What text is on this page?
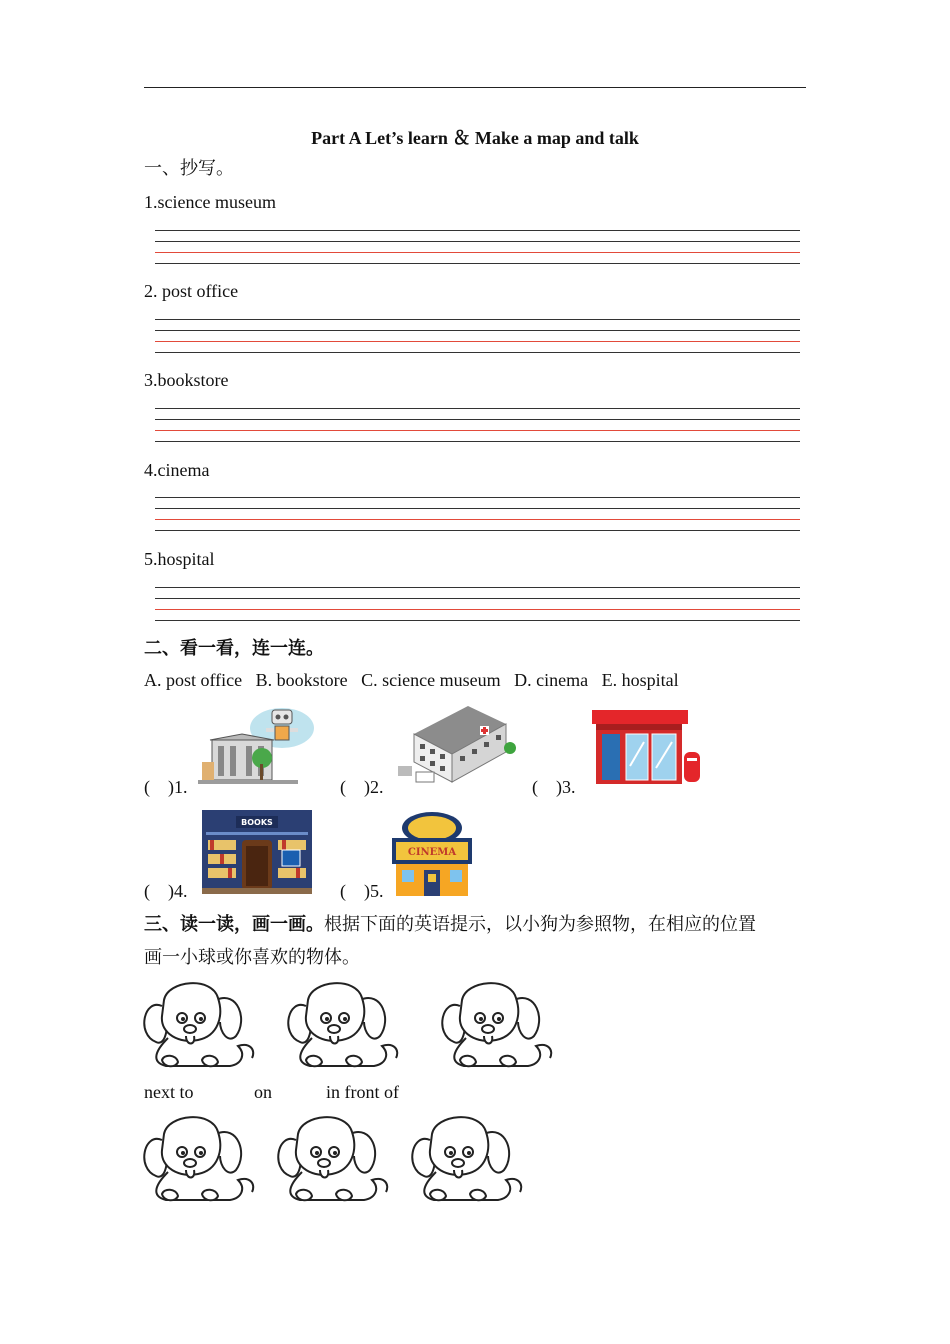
Part A Let’s learn ＆ Make a map and talk
一、抄写。
1.science museum
2. post office
3.bookstore
4.cinema
5.hospital
二、看一看，连一连。
A. post office   B. bookstore   C. science museum   D. cinema   E. hospital
(    )1.	(    )2.	(    )3.
(    )4.	(    )5.
BOOKS
CINEMA
三、读一读，画一画。根据下面的英语提示，以小狗为参照物，在相应的位置
画一小球或你喜欢的物体。
next to	on	in front of
